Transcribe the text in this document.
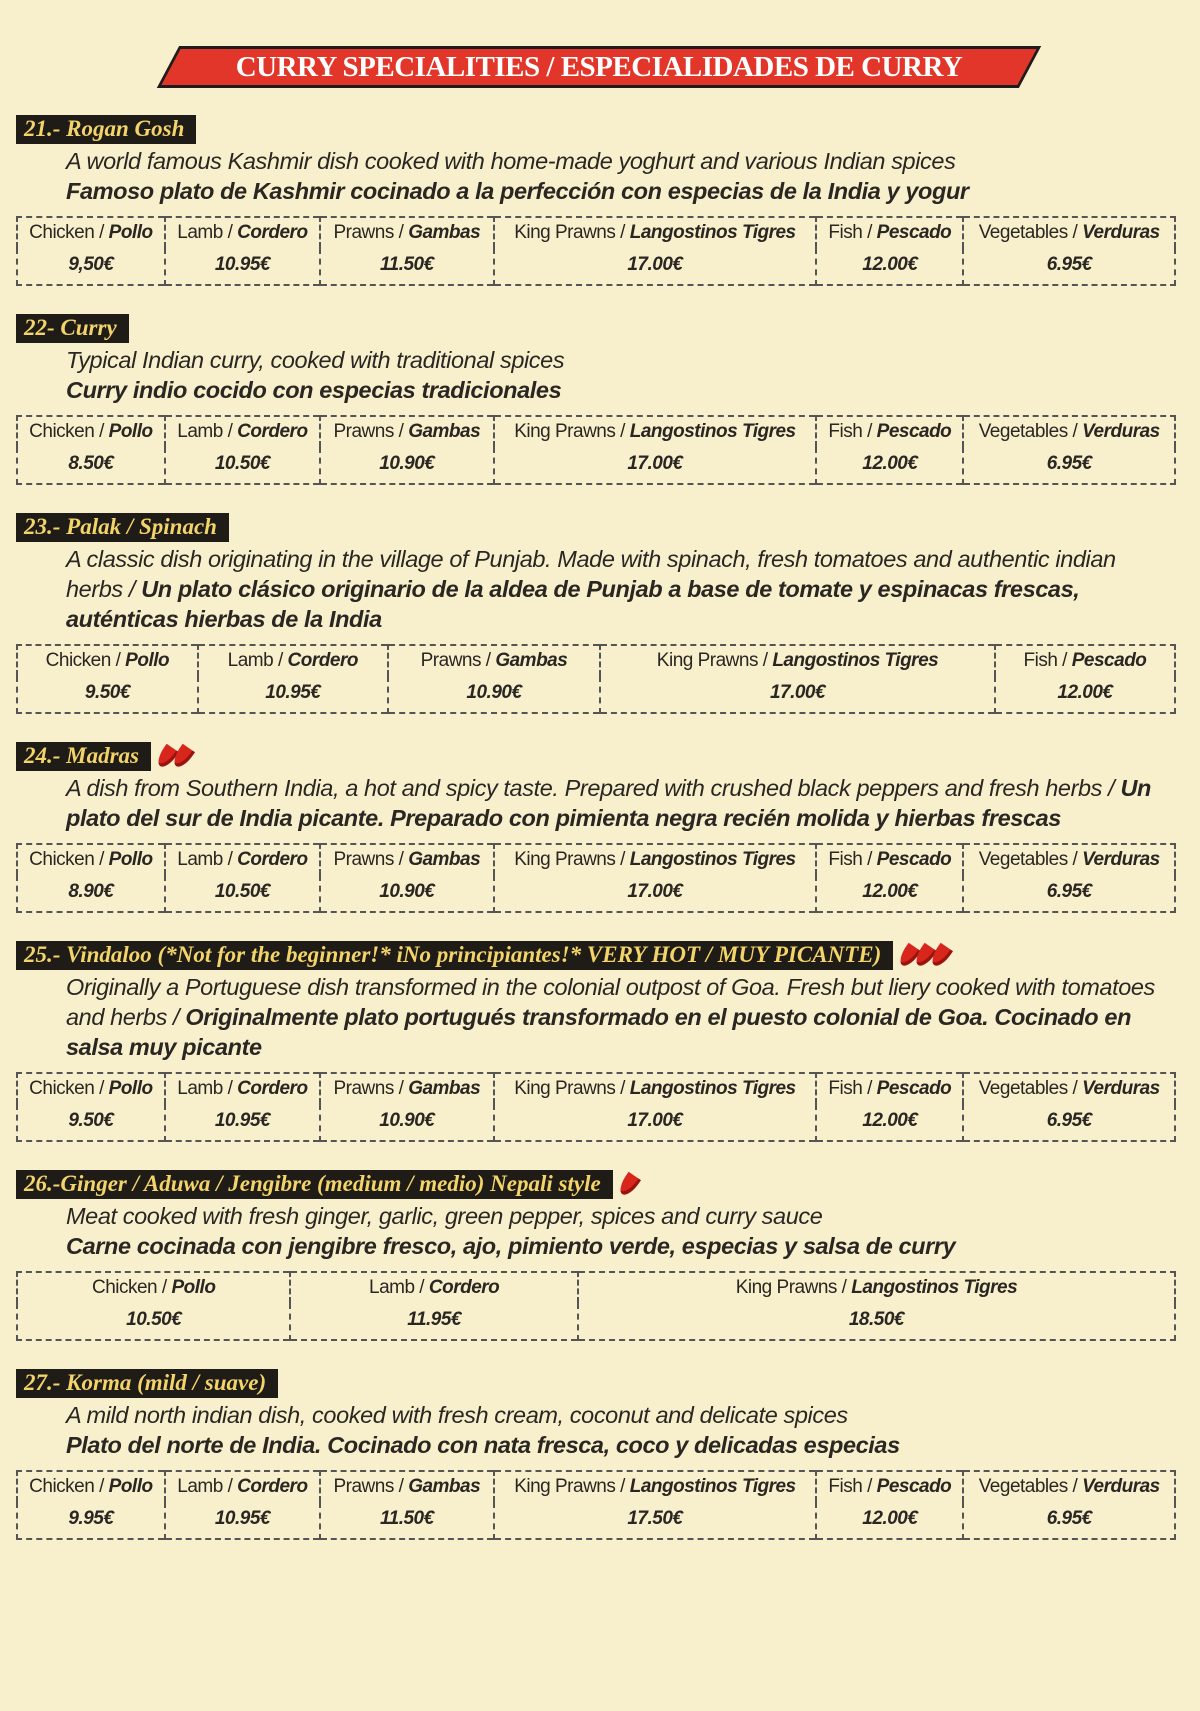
CURRY SPECIALITIES / ESPECIALIDADES DE CURRY
21.- Rogan Gosh
A world famous Kashmir dish cooked with home-made yoghurt and various Indian spices
Famoso plato de Kashmir cocinado a la perfección con especias de la India y yogur
Chicken / Pollo	Lamb / Cordero	Prawns / Gambas	King Prawns / Langostinos Tigres	Fish / Pescado	Vegetables / Verduras
9,50€	10.95€	11.50€	17.00€	12.00€	6.95€
22- Curry
Typical Indian curry, cooked with traditional spices
Curry indio cocido con especias tradicionales
Chicken / Pollo	Lamb / Cordero	Prawns / Gambas	King Prawns / Langostinos Tigres	Fish / Pescado	Vegetables / Verduras
8.50€	10.50€	10.90€	17.00€	12.00€	6.95€
23.- Palak / Spinach
A classic dish originating in the village of Punjab. Made with spinach, fresh tomatoes and authentic indian herbs / Un plato clásico originario de la aldea de Punjab a base de tomate y espinacas frescas, auténticas hierbas de la India
Chicken / Pollo	Lamb / Cordero	Prawns / Gambas	King Prawns / Langostinos Tigres	Fish / Pescado
9.50€	10.95€	10.90€	17.00€	12.00€
24.- Madras
A dish from Southern India, a hot and spicy taste. Prepared with crushed black peppers and fresh herbs / Un plato del sur de India picante. Preparado con pimienta negra recién molida y hierbas frescas
Chicken / Pollo	Lamb / Cordero	Prawns / Gambas	King Prawns / Langostinos Tigres	Fish / Pescado	Vegetables / Verduras
8.90€	10.50€	10.90€	17.00€	12.00€	6.95€
25.- Vindaloo (*Not for the beginner!* iNo principiantes!* VERY HOT / MUY PICANTE)
Originally a Portuguese dish transformed in the colonial outpost of Goa. Fresh but liery cooked with tomatoes and herbs / Originalmente plato portugués transformado en el puesto colonial de Goa. Cocinado en salsa muy picante
Chicken / Pollo	Lamb / Cordero	Prawns / Gambas	King Prawns / Langostinos Tigres	Fish / Pescado	Vegetables / Verduras
9.50€	10.95€	10.90€	17.00€	12.00€	6.95€
26.-Ginger / Aduwa / Jengibre (medium / medio) Nepali style
Meat cooked with fresh ginger, garlic, green pepper, spices and curry sauce
Carne cocinada con jengibre fresco, ajo, pimiento verde, especias y salsa de curry
Chicken / Pollo	Lamb / Cordero	King Prawns / Langostinos Tigres
10.50€	11.95€	18.50€
27.- Korma (mild / suave)
A mild north indian dish, cooked with fresh cream, coconut and delicate spices
Plato del norte de India. Cocinado con nata fresca, coco y delicadas especias
Chicken / Pollo	Lamb / Cordero	Prawns / Gambas	King Prawns / Langostinos Tigres	Fish / Pescado	Vegetables / Verduras
9.95€	10.95€	11.50€	17.50€	12.00€	6.95€
